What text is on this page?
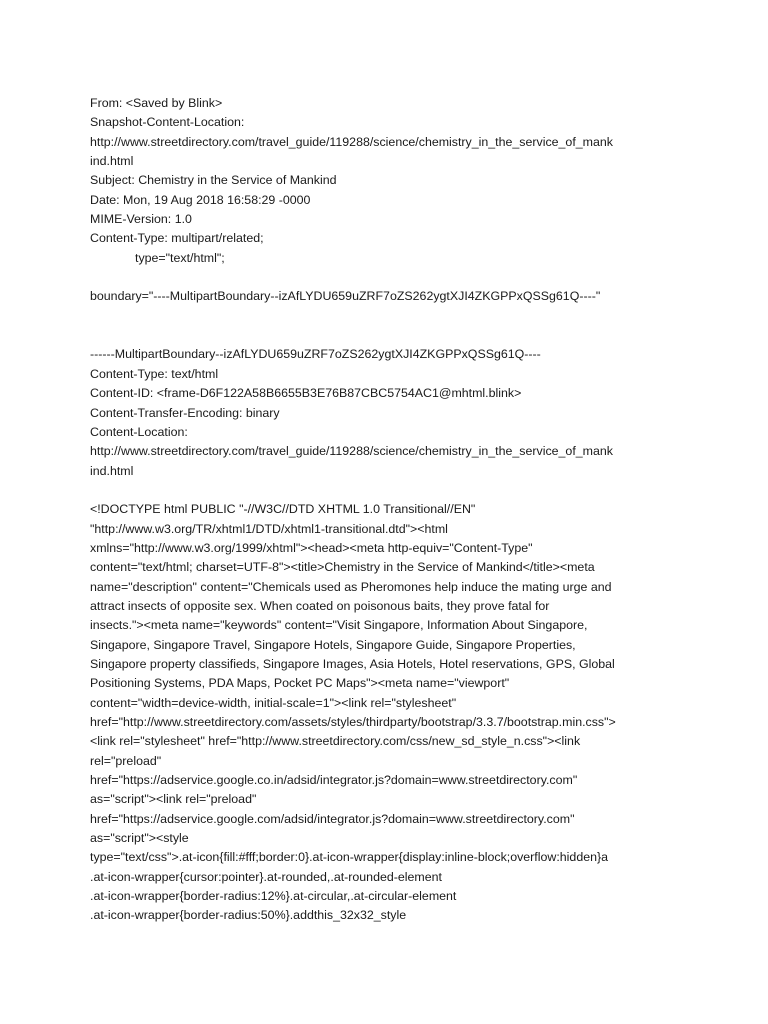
From: <Saved by Blink>
Snapshot-Content-Location:
http://www.streetdirectory.com/travel_guide/119288/science/chemistry_in_the_service_of_mank
ind.html
Subject: Chemistry in the Service of Mankind
Date: Mon, 19 Aug 2018 16:58:29 -0000
MIME-Version: 1.0
Content-Type: multipart/related;
type="text/html";
boundary="----MultipartBoundary--izAfLYDU659uZRF7oZS262ygtXJI4ZKGPPxQSSg61Q----"
------MultipartBoundary--izAfLYDU659uZRF7oZS262ygtXJI4ZKGPPxQSSg61Q----
Content-Type: text/html
Content-ID: <frame-D6F122A58B6655B3E76B87CBC5754AC1@mhtml.blink>
Content-Transfer-Encoding: binary
Content-Location:
http://www.streetdirectory.com/travel_guide/119288/science/chemistry_in_the_service_of_mank
ind.html
<!DOCTYPE html PUBLIC "-//W3C//DTD XHTML 1.0 Transitional//EN"
"http://www.w3.org/TR/xhtml1/DTD/xhtml1-transitional.dtd"><html
xmlns="http://www.w3.org/1999/xhtml"><head><meta http-equiv="Content-Type"
content="text/html; charset=UTF-8"><title>Chemistry in the Service of Mankind</title><meta
name="description" content="Chemicals used as Pheromones help induce the mating urge and
attract insects of opposite sex. When coated on poisonous baits, they prove fatal for
insects."><meta name="keywords" content="Visit Singapore, Information About Singapore,
Singapore, Singapore Travel, Singapore Hotels, Singapore Guide, Singapore Properties,
Singapore property classifieds, Singapore Images, Asia Hotels, Hotel reservations, GPS, Global
Positioning Systems, PDA Maps, Pocket PC Maps"><meta name="viewport"
content="width=device-width, initial-scale=1"><link rel="stylesheet"
href="http://www.streetdirectory.com/assets/styles/thirdparty/bootstrap/3.3.7/bootstrap.min.css">
<link rel="stylesheet" href="http://www.streetdirectory.com/css/new_sd_style_n.css"><link
rel="preload"
href="https://adservice.google.co.in/adsid/integrator.js?domain=www.streetdirectory.com"
as="script"><link rel="preload"
href="https://adservice.google.com/adsid/integrator.js?domain=www.streetdirectory.com"
as="script"><style
type="text/css">.at-icon{fill:#fff;border:0}.at-icon-wrapper{display:inline-block;overflow:hidden}a
.at-icon-wrapper{cursor:pointer}.at-rounded,.at-rounded-element
.at-icon-wrapper{border-radius:12%}.at-circular,.at-circular-element
.at-icon-wrapper{border-radius:50%}.addthis_32x32_style
